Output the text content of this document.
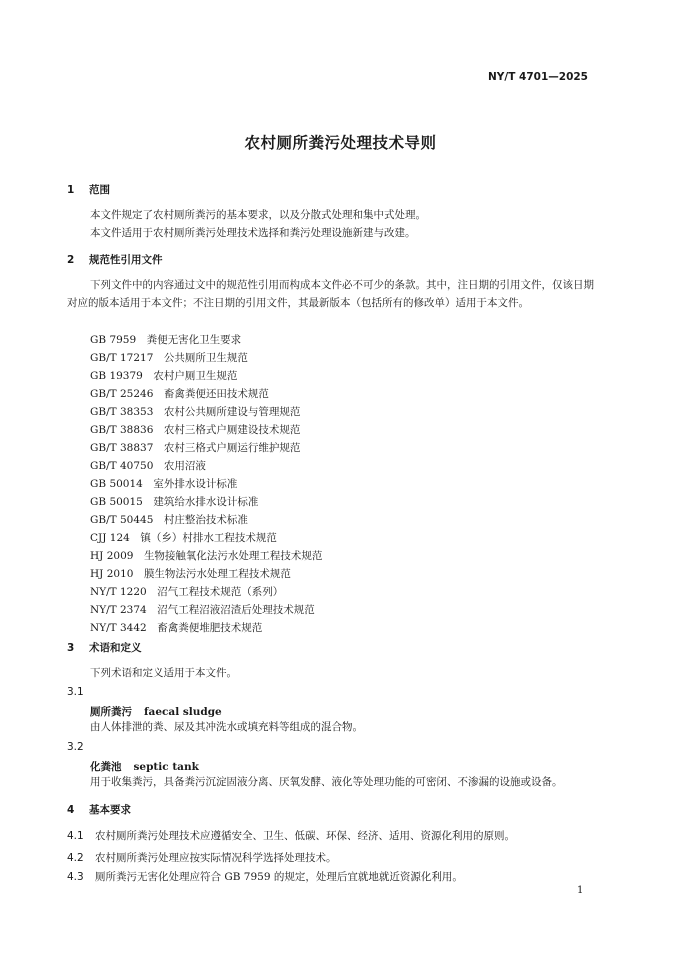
NY/T 4701—2025
农村厕所粪污处理技术导则
1 范围
本文件规定了农村厕所粪污的基本要求，以及分散式处理和集中式处理。
本文件适用于农村厕所粪污处理技术选择和粪污处理设施新建与改建。
2 规范性引用文件
下列文件中的内容通过文中的规范性引用而构成本文件必不可少的条款。其中，注日期的引用文件，仅该日期对应的版本适用于本文件；不注日期的引用文件，其最新版本（包括所有的修改单）适用于本文件。
GB 7959  粪便无害化卫生要求
GB/T 17217  公共厕所卫生规范
GB 19379  农村户厕卫生规范
GB/T 25246  畜禽粪便还田技术规范
GB/T 38353  农村公共厕所建设与管理规范
GB/T 38836  农村三格式户厕建设技术规范
GB/T 38837  农村三格式户厕运行维护规范
GB/T 40750  农用沼液
GB 50014  室外排水设计标准
GB 50015  建筑给水排水设计标准
GB/T 50445  村庄整治技术标准
CJJ 124  镇（乡）村排水工程技术规范
HJ 2009  生物接触氧化法污水处理工程技术规范
HJ 2010  膜生物法污水处理工程技术规范
NY/T 1220  沼气工程技术规范（系列）
NY/T 2374  沼气工程沼液沼渣后处理技术规范
NY/T 3442  畜禽粪便堆肥技术规范
3 术语和定义
下列术语和定义适用于本文件。
3.1
厕所粪污 faecal sludge
由人体排泄的粪、尿及其冲洗水或填充料等组成的混合物。
3.2
化粪池 septic tank
用于收集粪污，具备粪污沉淀固液分离、厌氧发酵、液化等处理功能的可密闭、不渗漏的设施或设备。
4 基本要求
4.1 农村厕所粪污处理技术应遵循安全、卫生、低碳、环保、经济、适用、资源化利用的原则。
4.2 农村厕所粪污处理应按实际情况科学选择处理技术。
4.3 厕所粪污无害化处理应符合 GB 7959 的规定，处理后宜就地就近资源化利用。
1
